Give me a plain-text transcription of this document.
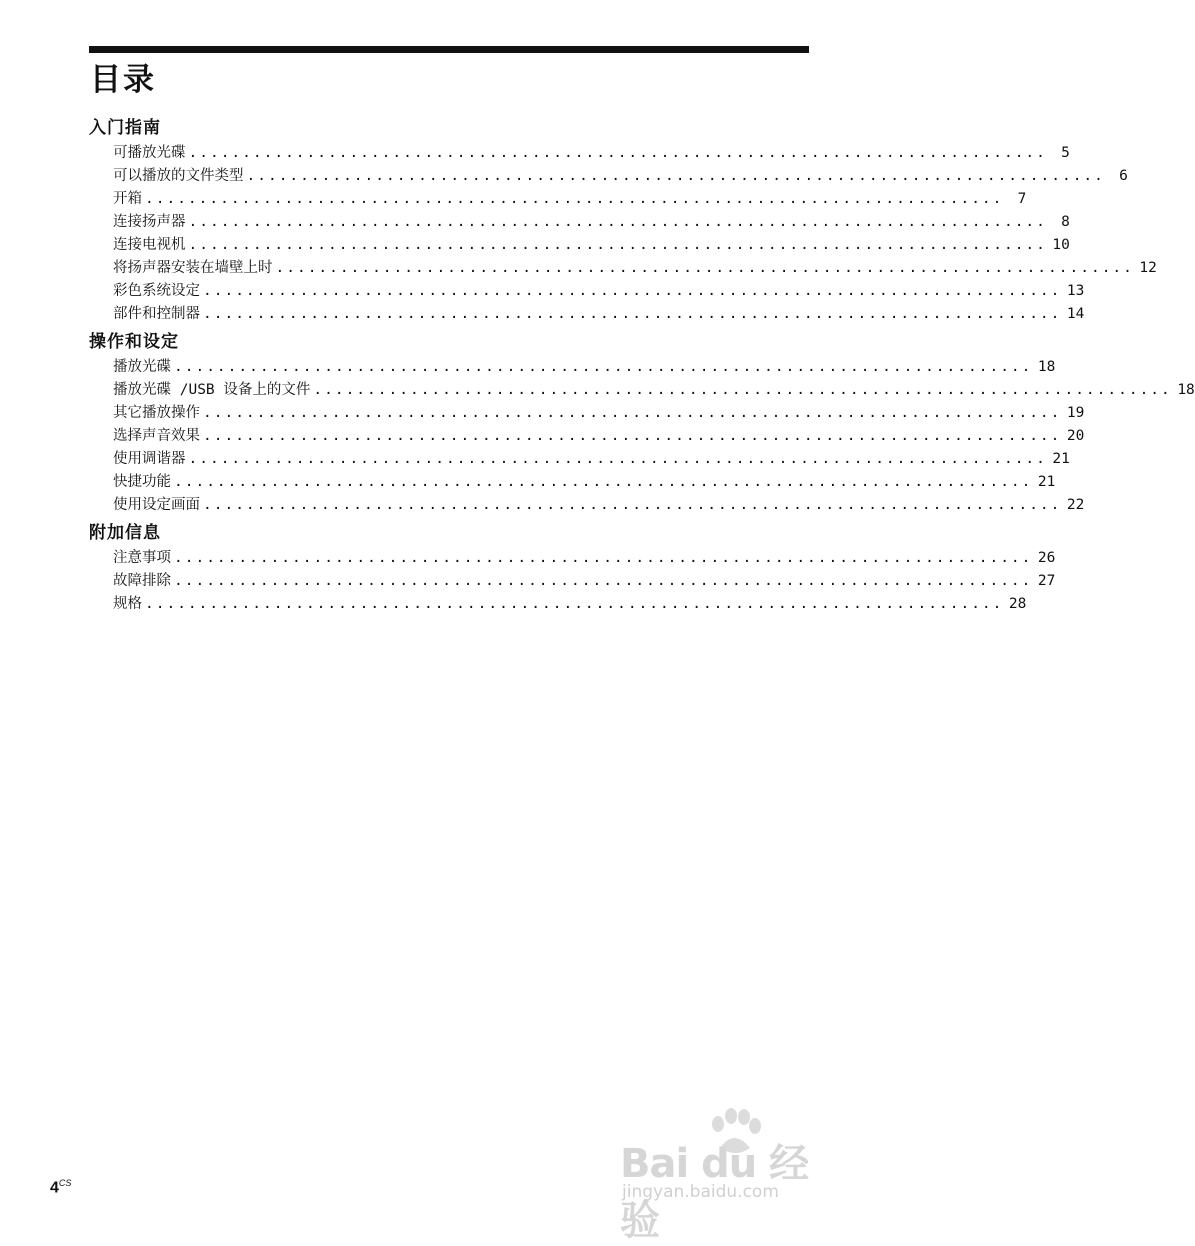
目录
入门指南
可播放光碟 ................................................................................ 5
可以播放的文件类型 ................................................................................ 6
开箱 ................................................................................ 7
连接扬声器 ................................................................................ 8
连接电视机 ................................................................................ 10
将扬声器安装在墙壁上时 ................................................................................ 12
彩色系统设定 ................................................................................ 13
部件和控制器 ................................................................................ 14
操作和设定
播放光碟 ................................................................................ 18
播放光碟 /USB 设备上的文件 ................................................................................ 18
其它播放操作 ................................................................................ 19
选择声音效果 ................................................................................ 20
使用调谐器 ................................................................................ 21
快捷功能 ................................................................................ 21
使用设定画面 ................................................................................ 22
附加信息
注意事项 ................................................................................ 26
故障排除 ................................................................................ 27
规格 ................................................................................ 28
$4^{CS}$	Bai du 经验
jingyan.baidu.com
